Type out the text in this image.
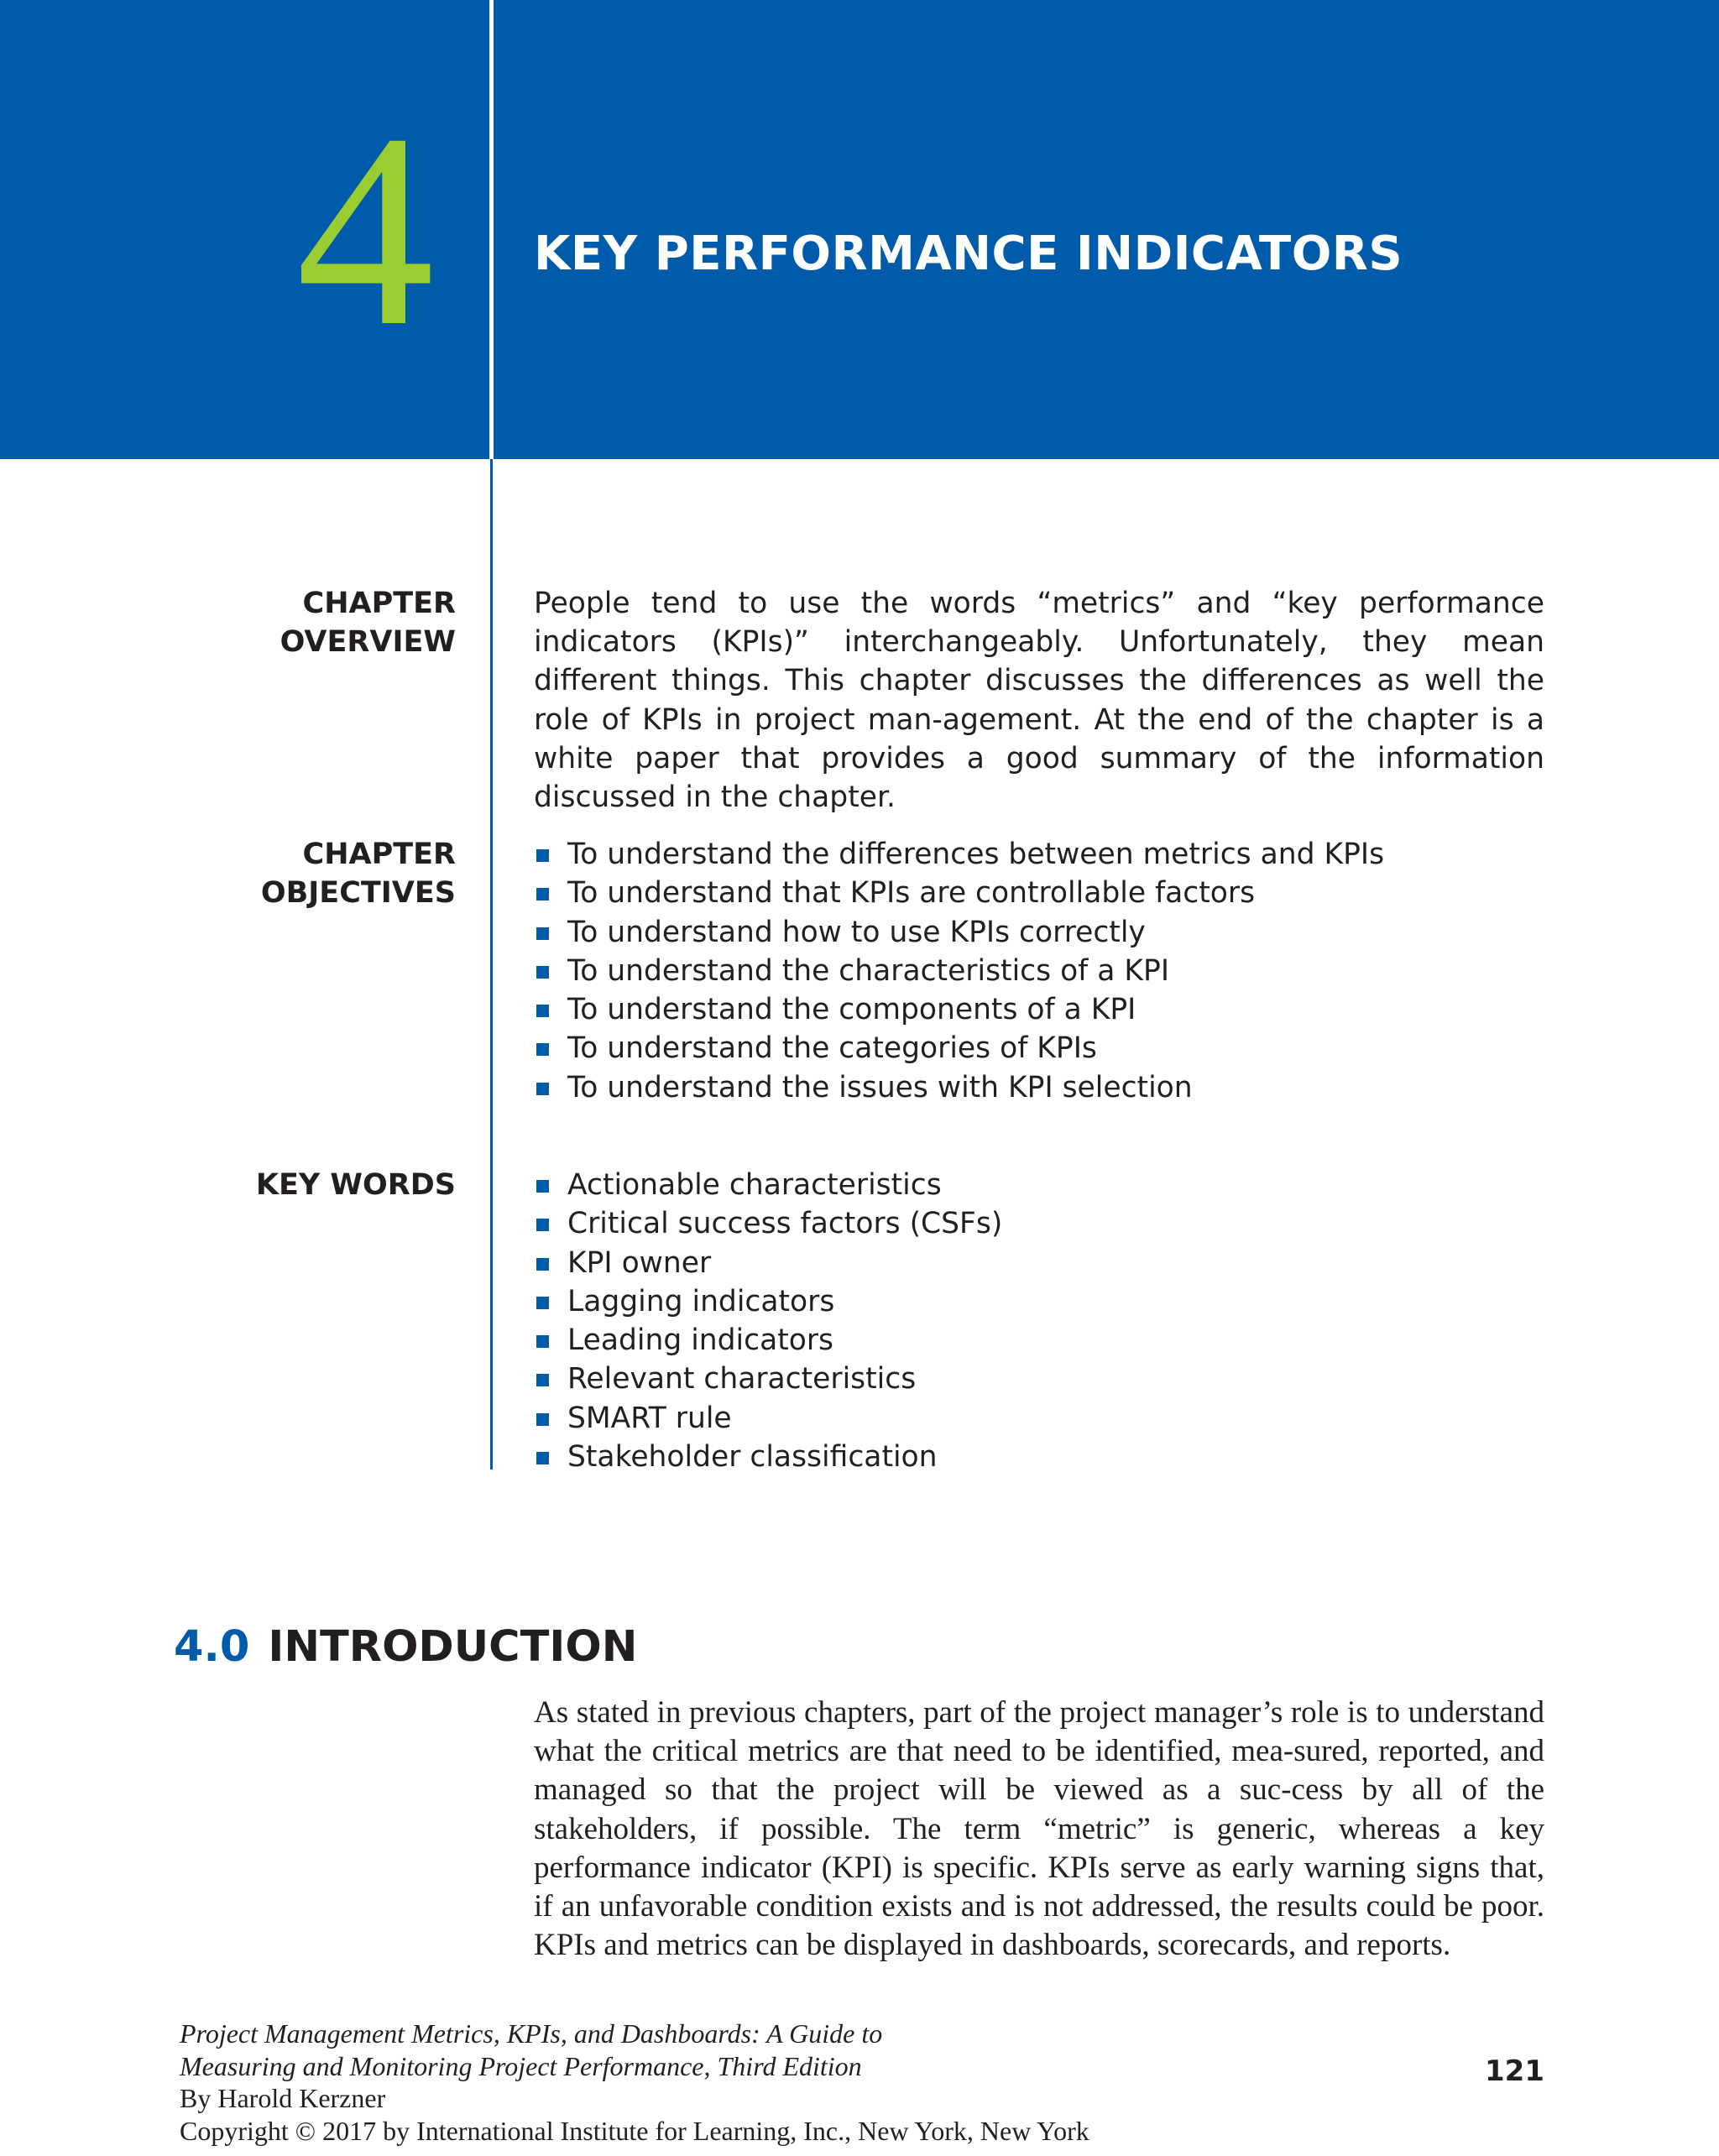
4	KEY PERFORMANCE INDICATORS
CHAPTER
OVERVIEW
People tend to use the words “metrics” and “key performance indicators (KPIs)” interchangeably. Unfortunately, they mean different things. This chapter discusses the differences as well the role of KPIs in project man-agement. At the end of the chapter is a white paper that provides a good summary of the information discussed in the chapter.
CHAPTER
OBJECTIVES
To understand the differences between metrics and KPIs
To understand that KPIs are controllable factors
To understand how to use KPIs correctly
To understand the characteristics of a KPI
To understand the components of a KPI
To understand the categories of KPIs
To understand the issues with KPI selection
KEY WORDS	Actionable characteristics
Critical success factors (CSFs)
KPI owner
Lagging indicators
Leading indicators
Relevant characteristics
SMART rule
Stakeholder classification
4.0 INTRODUCTION
As stated in previous chapters, part of the project manager’s role is to understand what the critical metrics are that need to be identified, mea-sured, reported, and managed so that the project will be viewed as a suc-cess by all of the stakeholders, if possible. The term “metric” is generic, whereas a key performance indicator (KPI) is specific. KPIs serve as early warning signs that, if an unfavorable condition exists and is not addressed, the results could be poor. KPIs and metrics can be displayed in dashboards, scorecards, and reports.
Project Management Metrics, KPIs, and Dashboards: A Guide to
Measuring and Monitoring Project Performance, Third Edition
By Harold Kerzner
Copyright © 2017 by International Institute for Learning, Inc., New York, New York
121
